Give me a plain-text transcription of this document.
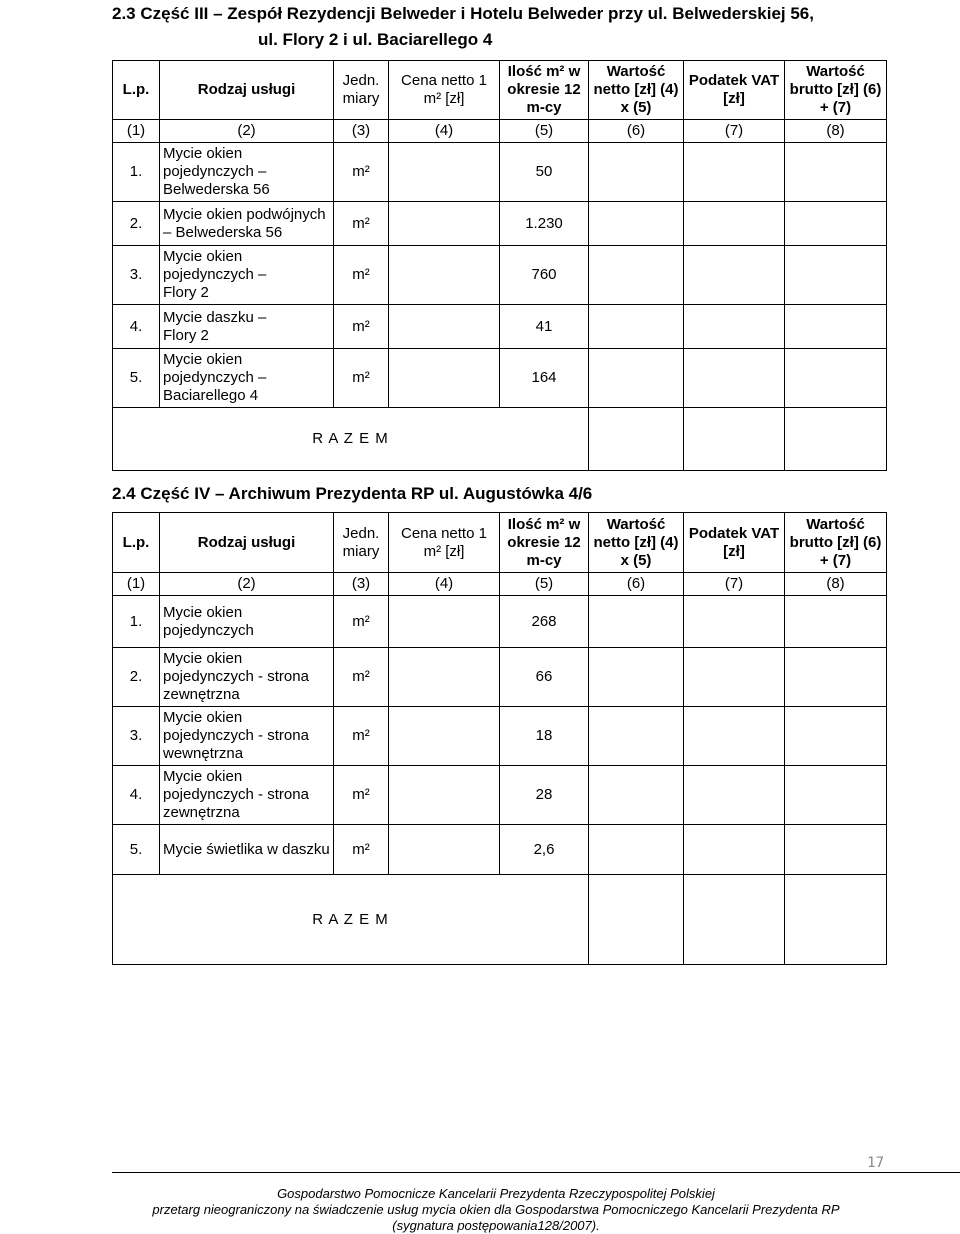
2.3 Część III – Zespół Rezydencji Belweder i Hotelu Belweder przy ul. Belwederskiej 56,
ul. Flory 2 i ul. Baciarellego 4
L.p.	Rodzaj usługi	Jedn. miary	Cena netto 1 m² [zł]	Ilość m² w okresie 12 m-cy	Wartość netto [zł] (4) x (5)	Podatek VAT [zł]	Wartość brutto [zł] (6) + (7)
(1)	(2)	(3)	(4)	(5)	(6)	(7)	(8)
1.	Mycie okien
pojedynczych –
Belwederska 56	m²		50			
2.	Mycie okien podwójnych
– Belwederska 56	m²		1.230			
3.	Mycie okien
pojedynczych –
Flory 2	m²		760			
4.	Mycie daszku –
Flory 2	m²		41			
5.	Mycie okien
pojedynczych –
Baciarellego 4	m²		164			
R A Z E M							
2.4 Część IV – Archiwum Prezydenta RP ul. Augustówka 4/6
L.p.	Rodzaj usługi	Jedn. miary	Cena netto 1 m² [zł]	Ilość m² w okresie 12 m-cy	Wartość netto [zł] (4) x (5)	Podatek VAT [zł]	Wartość brutto [zł] (6) + (7)
(1)	(2)	(3)	(4)	(5)	(6)	(7)	(8)
1.	Mycie okien
pojedynczych	m²		268			
2.	Mycie okien
pojedynczych - strona
zewnętrzna	m²		66			
3.	Mycie okien
pojedynczych - strona
wewnętrzna	m²		18			
4.	Mycie okien
pojedynczych - strona
zewnętrzna	m²		28			
5.	Mycie świetlika w daszku	m²		2,6			
R A Z E M							
17
Gospodarstwo Pomocnicze Kancelarii Prezydenta Rzeczypospolitej Polskiej
przetarg nieograniczony na świadczenie usług mycia okien dla Gospodarstwa Pomocniczego Kancelarii Prezydenta RP
(sygnatura postępowania128/2007).
